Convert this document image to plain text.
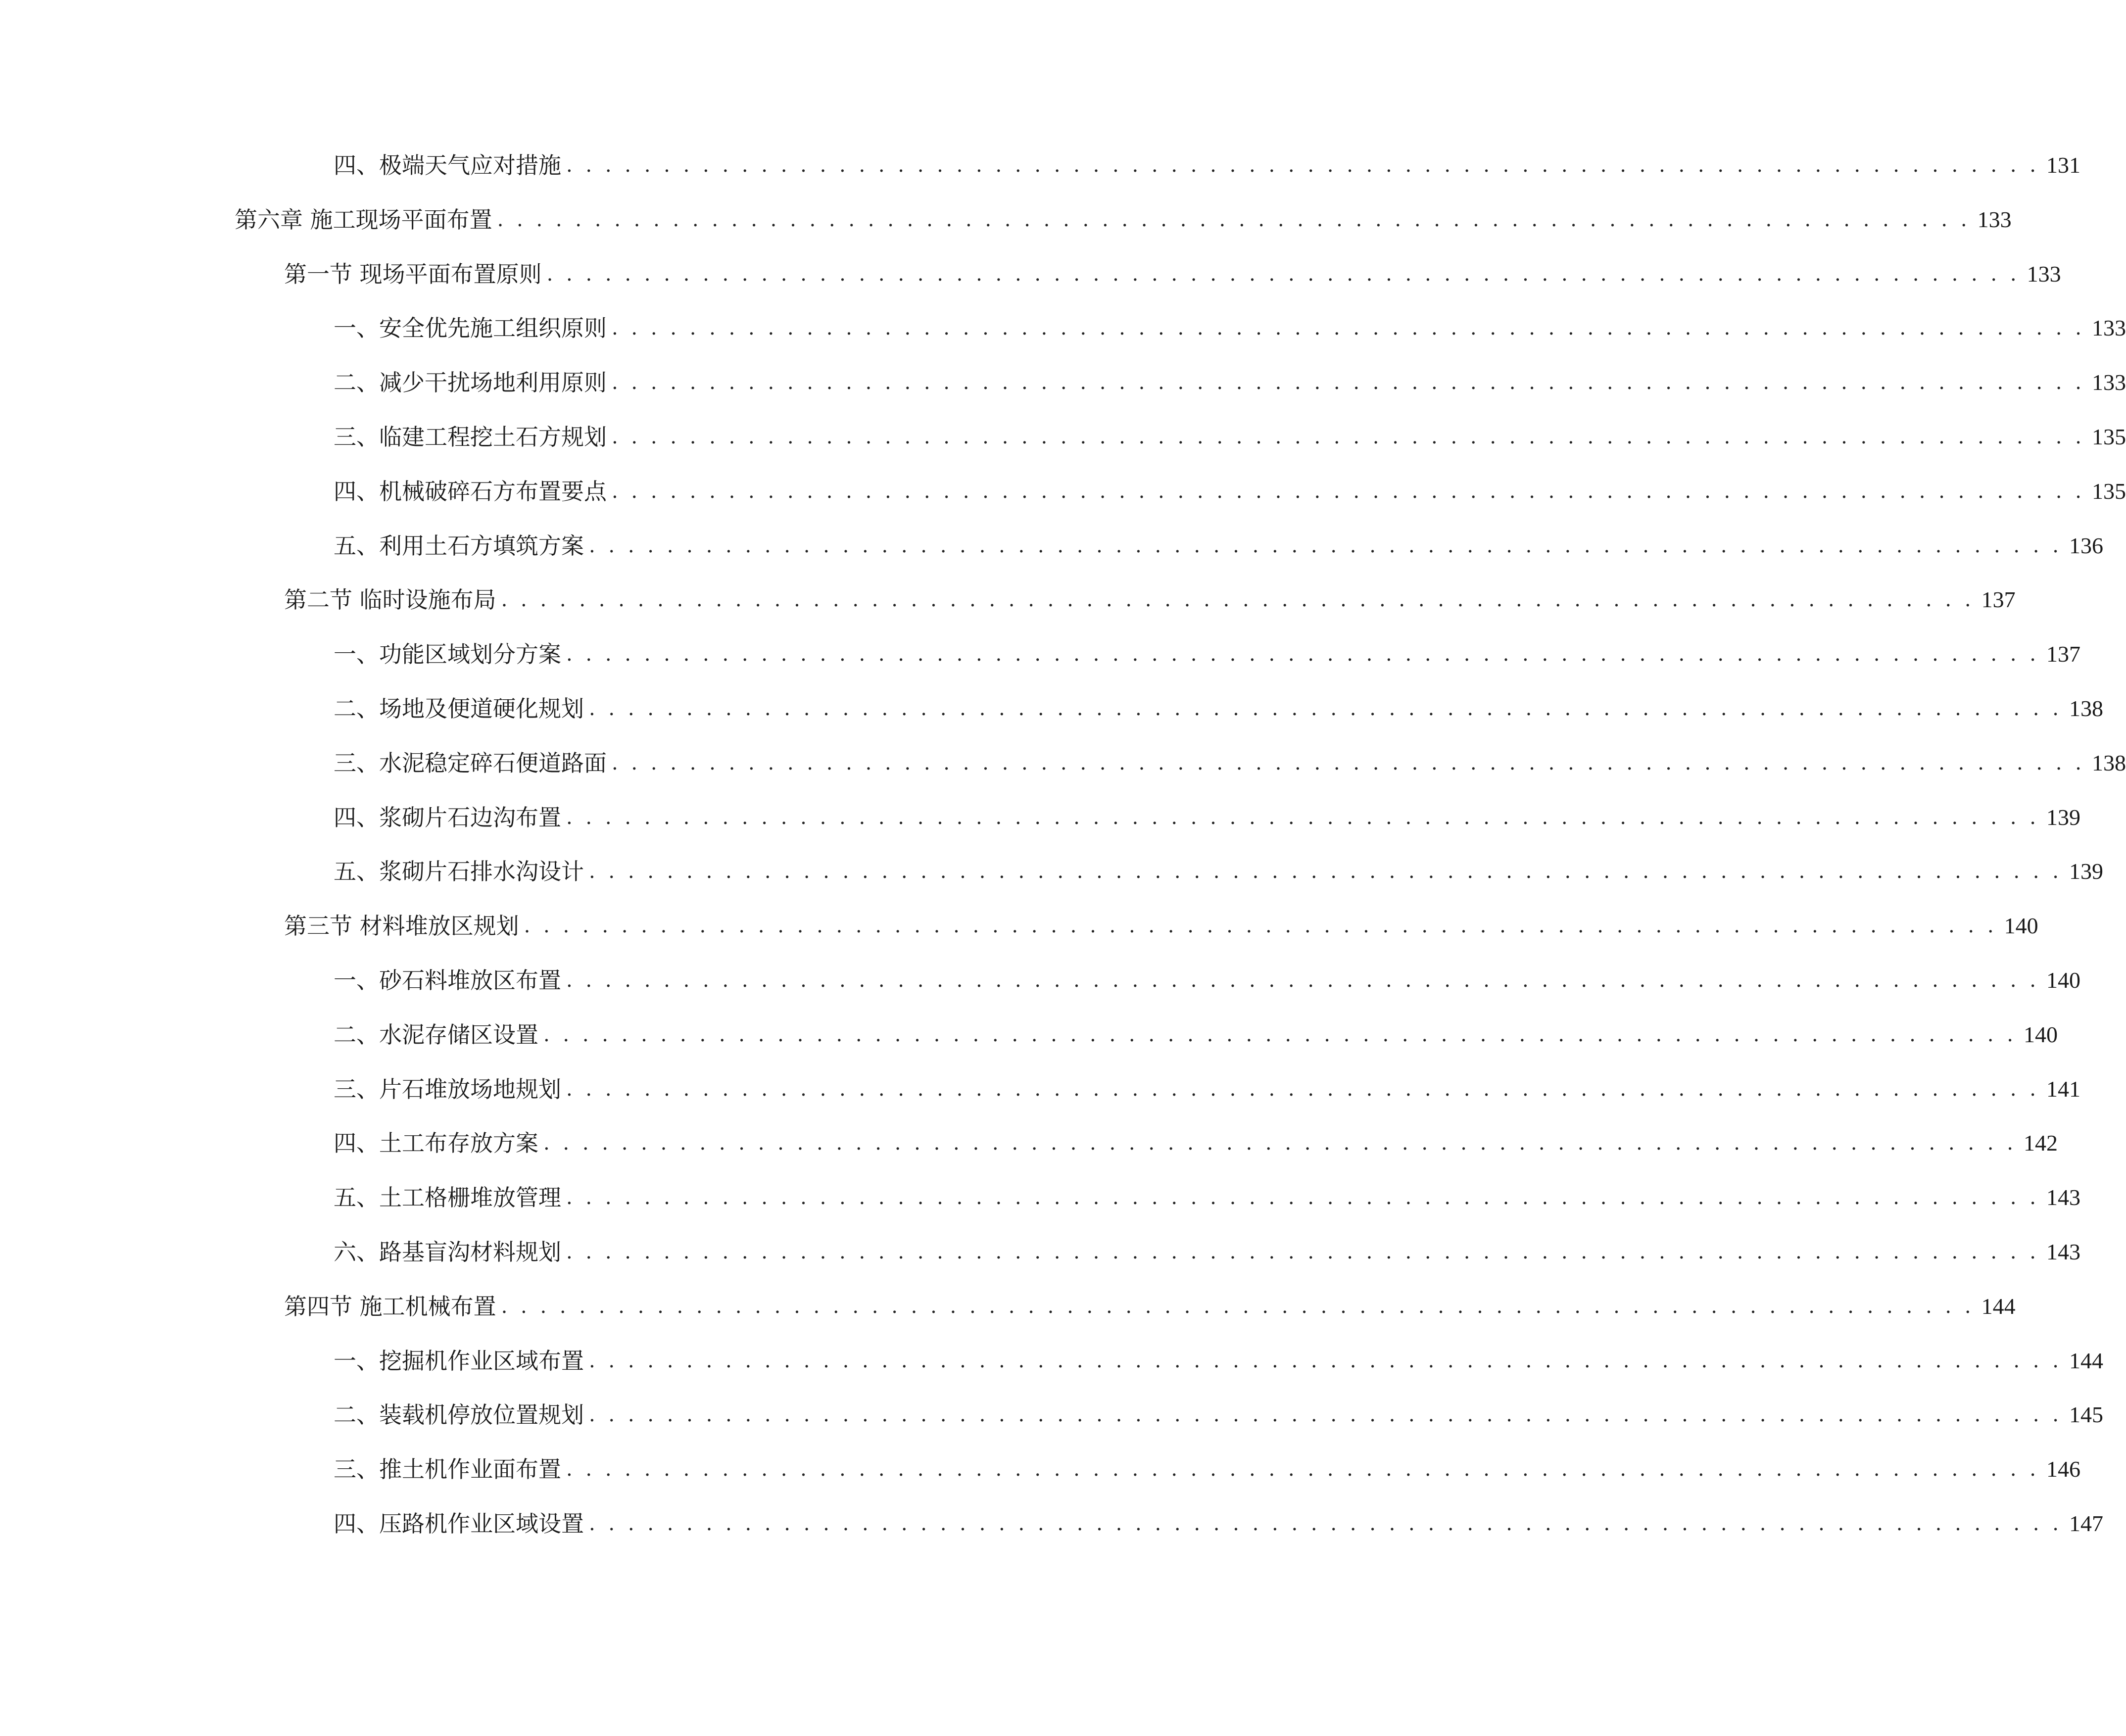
四、 极端天气应对措施 . . . . . . . . . . . . . . . . . . . . . . . . . . . . . . . . . . . . . . . . . . . . . . . . . . . . . . . . . . . . . . . . . . . . . . . . . . . . 131
第六章 施工现场平面布置 . . . . . . . . . . . . . . . . . . . . . . . . . . . . . . . . . . . . . . . . . . . . . . . . . . . . . . . . . . . . . . . . . . . . . . . . . . . . 133
第一节 现场平面布置原则 . . . . . . . . . . . . . . . . . . . . . . . . . . . . . . . . . . . . . . . . . . . . . . . . . . . . . . . . . . . . . . . . . . . . . . . . . . . . 133
一、 安全优先施工组织原则 . . . . . . . . . . . . . . . . . . . . . . . . . . . . . . . . . . . . . . . . . . . . . . . . . . . . . . . . . . . . . . . . . . . . . . . . . . . . 133
二、 减少干扰场地利用原则 . . . . . . . . . . . . . . . . . . . . . . . . . . . . . . . . . . . . . . . . . . . . . . . . . . . . . . . . . . . . . . . . . . . . . . . . . . . . 133
三、 临建工程挖土石方规划 . . . . . . . . . . . . . . . . . . . . . . . . . . . . . . . . . . . . . . . . . . . . . . . . . . . . . . . . . . . . . . . . . . . . . . . . . . . . 135
四、 机械破碎石方布置要点 . . . . . . . . . . . . . . . . . . . . . . . . . . . . . . . . . . . . . . . . . . . . . . . . . . . . . . . . . . . . . . . . . . . . . . . . . . . . 135
五、 利用土石方填筑方案 . . . . . . . . . . . . . . . . . . . . . . . . . . . . . . . . . . . . . . . . . . . . . . . . . . . . . . . . . . . . . . . . . . . . . . . . . . . . 136
第二节 临时设施布局 . . . . . . . . . . . . . . . . . . . . . . . . . . . . . . . . . . . . . . . . . . . . . . . . . . . . . . . . . . . . . . . . . . . . . . . . . . . . 137
一、 功能区域划分方案 . . . . . . . . . . . . . . . . . . . . . . . . . . . . . . . . . . . . . . . . . . . . . . . . . . . . . . . . . . . . . . . . . . . . . . . . . . . . 137
二、 场地及便道硬化规划 . . . . . . . . . . . . . . . . . . . . . . . . . . . . . . . . . . . . . . . . . . . . . . . . . . . . . . . . . . . . . . . . . . . . . . . . . . . . 138
三、 水泥稳定碎石便道路面 . . . . . . . . . . . . . . . . . . . . . . . . . . . . . . . . . . . . . . . . . . . . . . . . . . . . . . . . . . . . . . . . . . . . . . . . . . . . 138
四、 浆砌片石边沟布置 . . . . . . . . . . . . . . . . . . . . . . . . . . . . . . . . . . . . . . . . . . . . . . . . . . . . . . . . . . . . . . . . . . . . . . . . . . . . 139
五、 浆砌片石排水沟设计 . . . . . . . . . . . . . . . . . . . . . . . . . . . . . . . . . . . . . . . . . . . . . . . . . . . . . . . . . . . . . . . . . . . . . . . . . . . . 139
第三节 材料堆放区规划 . . . . . . . . . . . . . . . . . . . . . . . . . . . . . . . . . . . . . . . . . . . . . . . . . . . . . . . . . . . . . . . . . . . . . . . . . . . . 140
一、 砂石料堆放区布置 . . . . . . . . . . . . . . . . . . . . . . . . . . . . . . . . . . . . . . . . . . . . . . . . . . . . . . . . . . . . . . . . . . . . . . . . . . . . 140
二、 水泥存储区设置 . . . . . . . . . . . . . . . . . . . . . . . . . . . . . . . . . . . . . . . . . . . . . . . . . . . . . . . . . . . . . . . . . . . . . . . . . . . . 140
三、 片石堆放场地规划 . . . . . . . . . . . . . . . . . . . . . . . . . . . . . . . . . . . . . . . . . . . . . . . . . . . . . . . . . . . . . . . . . . . . . . . . . . . . 141
四、 土工布存放方案 . . . . . . . . . . . . . . . . . . . . . . . . . . . . . . . . . . . . . . . . . . . . . . . . . . . . . . . . . . . . . . . . . . . . . . . . . . . . 142
五、 土工格栅堆放管理 . . . . . . . . . . . . . . . . . . . . . . . . . . . . . . . . . . . . . . . . . . . . . . . . . . . . . . . . . . . . . . . . . . . . . . . . . . . . 143
六、 路基盲沟材料规划 . . . . . . . . . . . . . . . . . . . . . . . . . . . . . . . . . . . . . . . . . . . . . . . . . . . . . . . . . . . . . . . . . . . . . . . . . . . . 143
第四节 施工机械布置 . . . . . . . . . . . . . . . . . . . . . . . . . . . . . . . . . . . . . . . . . . . . . . . . . . . . . . . . . . . . . . . . . . . . . . . . . . . . 144
一、 挖掘机作业区域布置 . . . . . . . . . . . . . . . . . . . . . . . . . . . . . . . . . . . . . . . . . . . . . . . . . . . . . . . . . . . . . . . . . . . . . . . . . . . . 144
二、 装载机停放位置规划 . . . . . . . . . . . . . . . . . . . . . . . . . . . . . . . . . . . . . . . . . . . . . . . . . . . . . . . . . . . . . . . . . . . . . . . . . . . . 145
三、 推土机作业面布置 . . . . . . . . . . . . . . . . . . . . . . . . . . . . . . . . . . . . . . . . . . . . . . . . . . . . . . . . . . . . . . . . . . . . . . . . . . . . 146
四、 压路机作业区域设置 . . . . . . . . . . . . . . . . . . . . . . . . . . . . . . . . . . . . . . . . . . . . . . . . . . . . . . . . . . . . . . . . . . . . . . . . . . . . 147
